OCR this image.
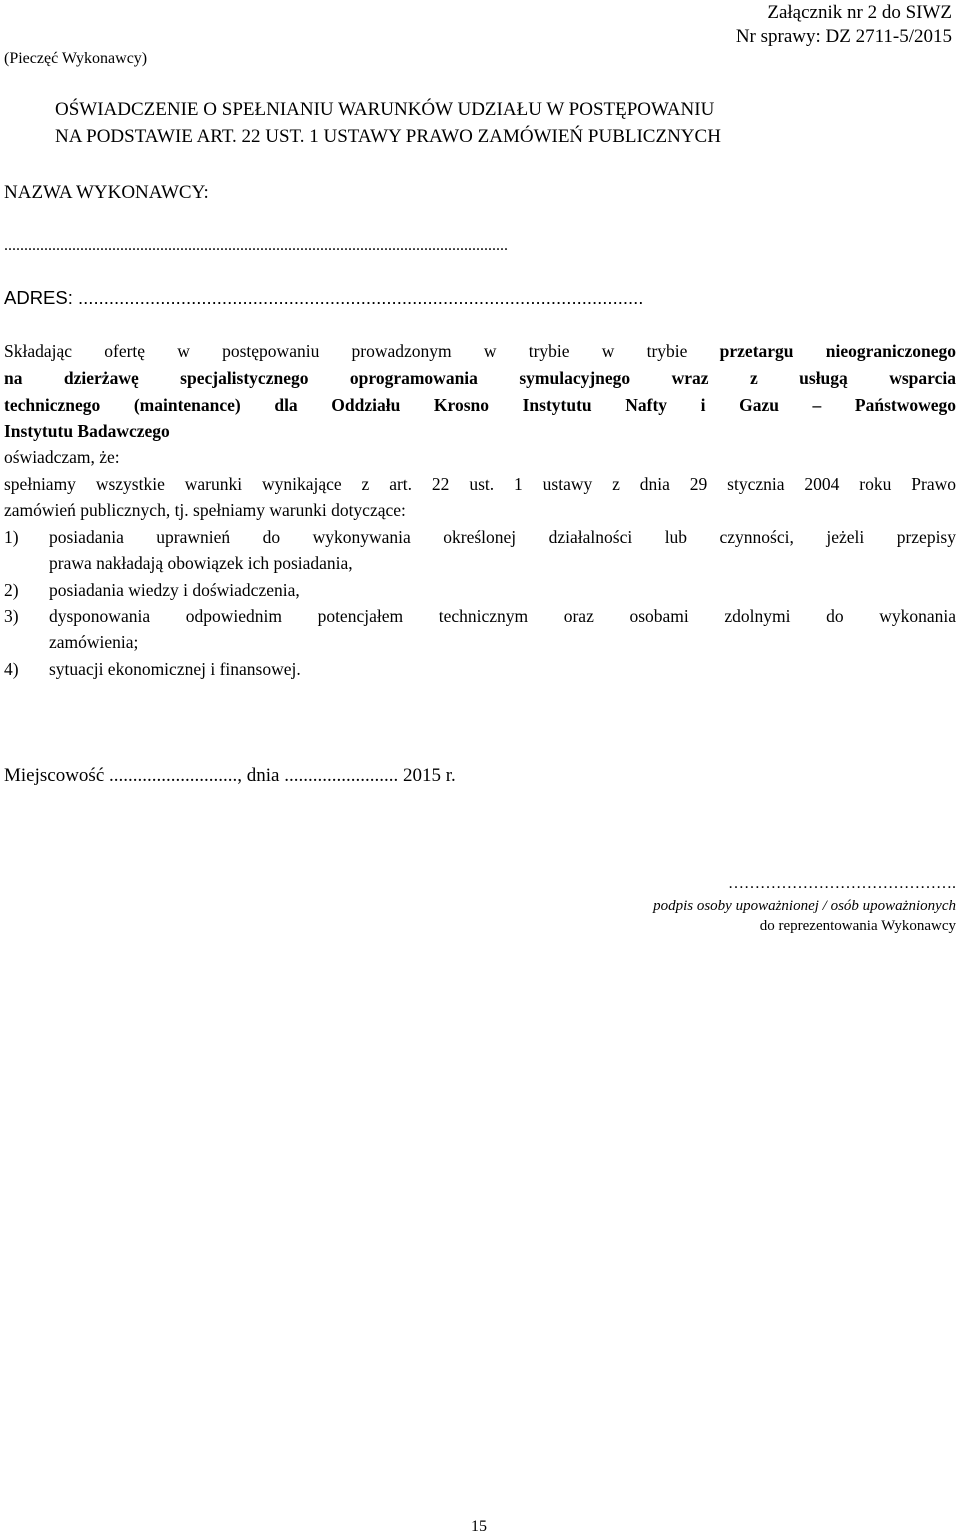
Załącznik nr 2 do SIWZ
Nr sprawy: DZ 2711-5/2015
(Pieczęć Wykonawcy)
OŚWIADCZENIE O SPEŁNIANIU WARUNKÓW UDZIAŁU W POSTĘPOWANIU
NA PODSTAWIE ART. 22 UST. 1 USTAWY PRAWO ZAMÓWIEŃ PUBLICZNYCH
NAZWA WYKONAWCY:
..............................................................................................................................
ADRES: ..............................................................................................................
Składając ofertę w postępowaniu prowadzonym w trybie w trybie przetargu nieograniczonego
na dzierżawę specjalistycznego oprogramowania symulacyjnego wraz z usługą wsparcia
technicznego (maintenance) dla Oddziału Krosno Instytutu Nafty i Gazu – Państwowego
Instytutu Badawczego
oświadczam, że:
spełniamy wszystkie warunki wynikające z art. 22 ust. 1 ustawy z dnia 29 stycznia 2004 roku Prawo
zamówień publicznych, tj. spełniamy warunki dotyczące:
1) posiadania uprawnień do wykonywania określonej działalności lub czynności, jeżeli przepisy
prawa nakładają obowiązek ich posiadania,
2) posiadania wiedzy i doświadczenia,
3) dysponowania odpowiednim potencjałem technicznym oraz osobami zdolnymi do wykonania
zamówienia;
4) sytuacji ekonomicznej i finansowej.
Miejscowość ..........................., dnia ........................ 2015 r.
…………………………………….
podpis osoby upoważnionej / osób upoważnionych
do reprezentowania Wykonawcy
15
